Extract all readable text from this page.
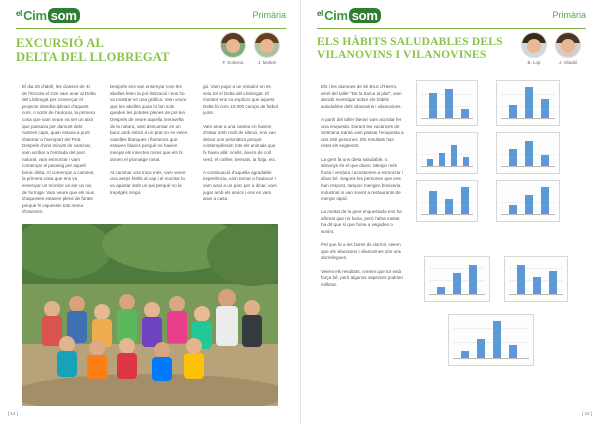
$^{el}$Cim som	Primària
EXCURSIÓ AL
DELTA DEL LLOBREGAT	F. Solsona	J. Moliné
El dia 26 d'abril, les classes de 4t de l'Escola el Cim vam anar al Delta del Llobregat per començar el projecte interdisciplinari d'aquest curs. A sortir de l'autocar, la primera cosa que vam veure va ser un això que passava per damunt dels nostres caps, quan estava a punt d'aterrar a l'aeroport del Prat. Després d'uns minuts de caminar, vam arribar a l'entrada del parc natural, vam esmorzar i vam començar el passeig per aquell bonic delta. Al començar a caminar, la primera cosa que ens va ensenyar un monitor va ser un niu de formiga. Vam veure que els nius d'aquestes estaven plens de forats perquè hi viquessin tots mena d'insectes.
Després ens van ensenyar com les abelles feien la pol·linització i ens ho va mostrar en una gràfica. Vam veure que les abelles quan hi fan sols queden les potetes plenes de pol·len. Després de veure aquella meravella de la natura, vam descansar en un banc amb estics a un prat on es veien caselles blanques i flamencs que estaven blancs perquè no havien menjat els insectes rosos que els hi donen el plomatge rosat.

Al caminar una mica més, vam veure una aerps fèrtils al cap i el monitor la va apartar amb un pal perquè no la trepitgés ningú.
gú. Vam pujar a un mirador on es veia tot el Delta del Llobregat. El monitor ens va explicar que aquest Delta fa com 10.000 camps de futbol junts.

Vam anar a una caseta on havien d'estar amb molt de silenci, ens van deixar uns prismàtics perquè contempléssim tots els animals que hi havia allà: ocells, ànecs de coll verd, el coïlles, bernats, la fotja, etc.

A continuació d'aquella agradable experiència, vam tornar a l'autocar i vam anar a un parc per a dinar, vam jugar amb els amics i ens en vam anar a casa.
[ 14 ]
$^{el}$Cim som	Primària
ELS HÀBITS SALUDABLES DELS
VILANOVINS I VILANOVINES
B. Lop	J. Vilaubí
Els i les alumnes de 5è Bruc d'Hierm, arrel del taller "De la barca al plat", vam decidir investigar sobre els hàbits saludables dels vilanovins i vilanovines.

A partir del taller literari vam acordar fer una enquesta. Durant les vacances de Setmana Santa vam passar l'enquesta a uns 250 persones. Els resultats han estat els següents:

La gent fa uns dieta saludable, o almenys és el que diuen. Menjar més fruita i verdura i acostumen a esmorzar i dinar bé. Segons les persones que ens han respost, tampoc mengen brioixeria industrial ni van sovint a restaurants de menjar ràpid.

La meitat de la gent enquestada ens ha afirmat que no fuma, però l'altra meitat ha dit que sí que fuma a vegades o sovint.

Pel que fa a les hores de dormir, veiem que els vilanovins i vilanovines són uns dormilegues.

Veient els resultats, creiem que tot està força bé, però algunos aspectes podrien millorar.
[ 15 ]
